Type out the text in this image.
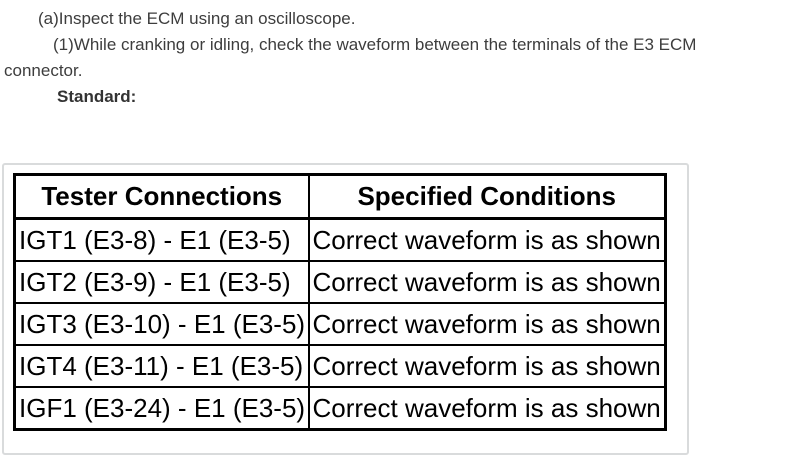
(a)Inspect the ECM using an oscilloscope.
(1)While cranking or idling, check the waveform between the terminals of the E3 ECM
connector.
Standard:
Tester Connections	Specified Conditions
IGT1 (E3-8) - E1 (E3-5)	Correct waveform is as shown
IGT2 (E3-9) - E1 (E3-5)	Correct waveform is as shown
IGT3 (E3-10) - E1 (E3-5)	Correct waveform is as shown
IGT4 (E3-11) - E1 (E3-5)	Correct waveform is as shown
IGF1 (E3-24) - E1 (E3-5)	Correct waveform is as shown
